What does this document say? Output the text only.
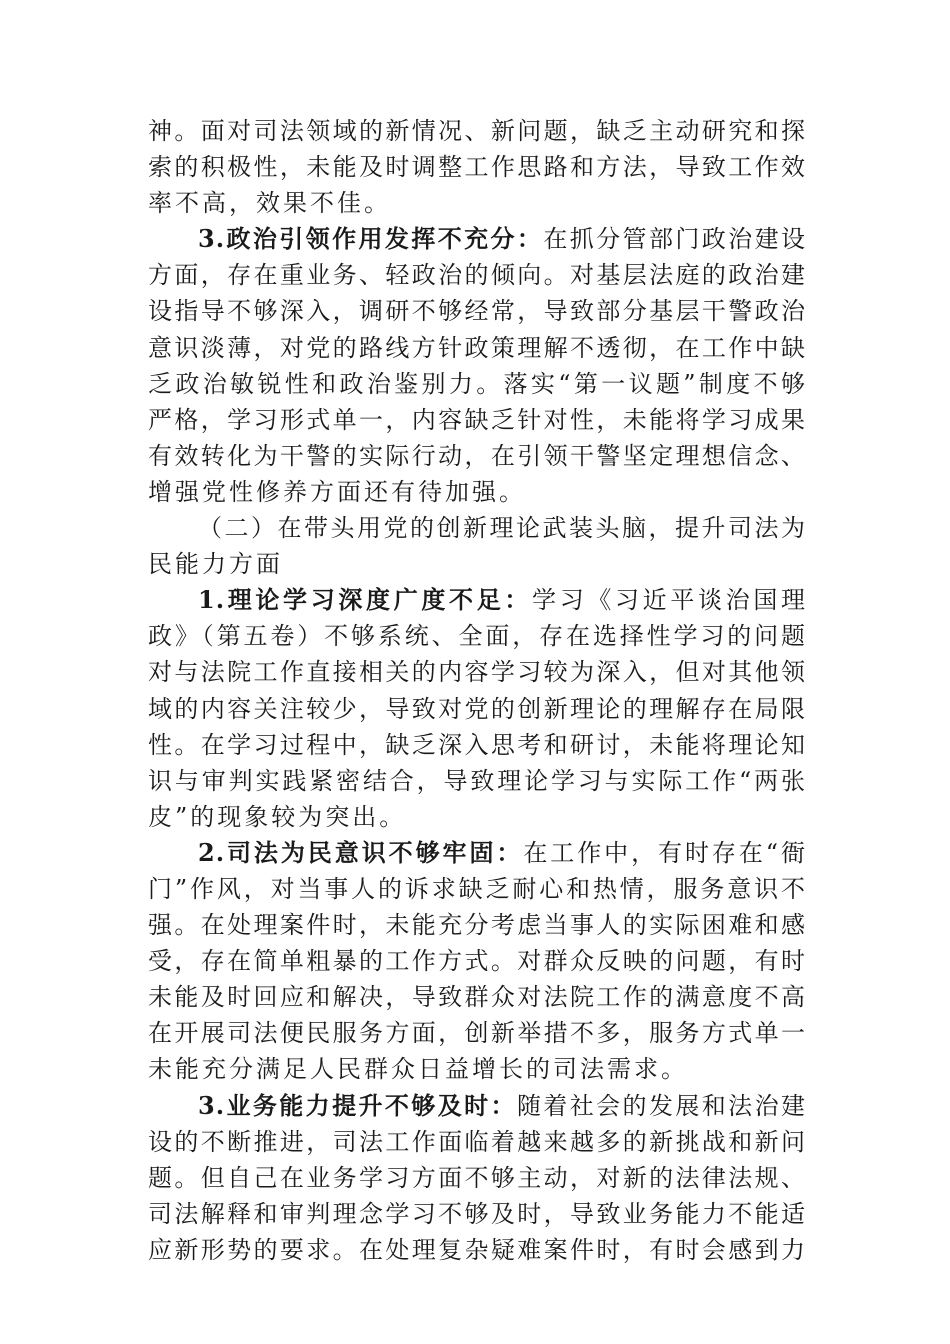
神。面对司法领域的新情况、新问题，缺乏主动研究和探
索的积极性，未能及时调整工作思路和方法，导致工作效
率不高，效果不佳。
3.政治引领作用发挥不充分：在抓分管部门政治建设
方面，存在重业务、轻政治的倾向。对基层法庭的政治建
设指导不够深入，调研不够经常，导致部分基层干警政治
意识淡薄，对党的路线方针政策理解不透彻，在工作中缺
乏政治敏锐性和政治鉴别力。落实“第一议题”制度不够
严格，学习形式单一，内容缺乏针对性，未能将学习成果
有效转化为干警的实际行动，在引领干警坚定理想信念、
增强党性修养方面还有待加强。
（二）在带头用党的创新理论武装头脑，提升司法为
民能力方面
1.理论学习深度广度不足：学习《习近平谈治国理
政》（第五卷）不够系统、全面，存在选择性学习的问题
对与法院工作直接相关的内容学习较为深入，但对其他领
域的内容关注较少，导致对党的创新理论的理解存在局限
性。在学习过程中，缺乏深入思考和研讨，未能将理论知
识与审判实践紧密结合，导致理论学习与实际工作“两张
皮”的现象较为突出。
2.司法为民意识不够牢固：在工作中，有时存在“衙
门”作风，对当事人的诉求缺乏耐心和热情，服务意识不
强。在处理案件时，未能充分考虑当事人的实际困难和感
受，存在简单粗暴的工作方式。对群众反映的问题，有时
未能及时回应和解决，导致群众对法院工作的满意度不高
在开展司法便民服务方面，创新举措不多，服务方式单一
未能充分满足人民群众日益增长的司法需求。
3.业务能力提升不够及时：随着社会的发展和法治建
设的不断推进，司法工作面临着越来越多的新挑战和新问
题。但自己在业务学习方面不够主动，对新的法律法规、
司法解释和审判理念学习不够及时，导致业务能力不能适
应新形势的要求。在处理复杂疑难案件时，有时会感到力
